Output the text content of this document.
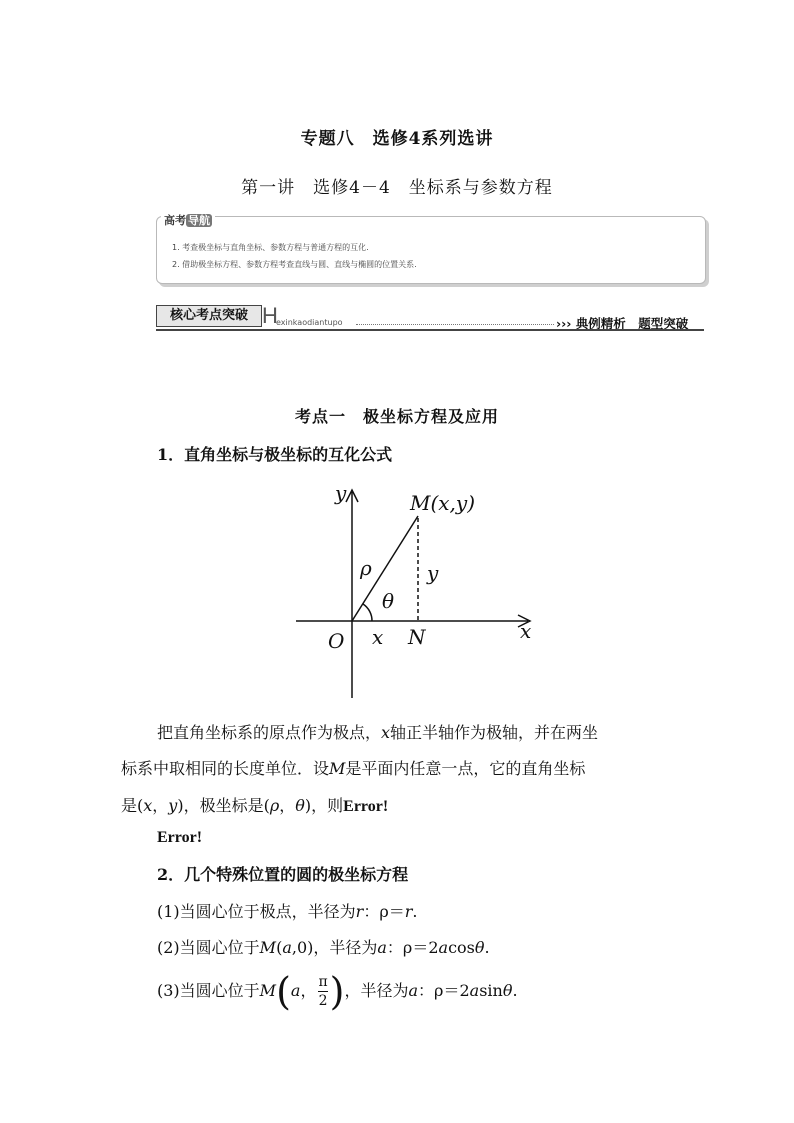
专题八　选修4系列选讲
第一讲　选修4－4　坐标系与参数方程
高考 导航
1. 考查极坐标与直角坐标、参数方程与普通方程的互化.
2. 借助极坐标方程、参数方程考查直线与圆、直线与椭圆的位置关系.
核心考点突破 H
exinkaodiantupo	››› 典例精析　题型突破
考点一　极坐标方程及应用
1．直角坐标与极坐标的互化公式
y
x
M(x,y)
ρ
θ
y
O x N
把直角坐标系的原点作为极点，x轴正半轴作为极轴，并在两坐
标系中取相同的长度单位．设M是平面内任意一点，它的直角坐标
是(x，y)，极坐标是(ρ，θ)，则Error!
Error!
2．几个特殊位置的圆的极坐标方程
(1)当圆心位于极点，半径为r：ρ＝r.
(2)当圆心位于M(a,0)，半径为a：ρ＝2acosθ.
(3)当圆心位于M(a， $\frac{\pi}{2}$ )，半径为a：ρ＝2asinθ.
